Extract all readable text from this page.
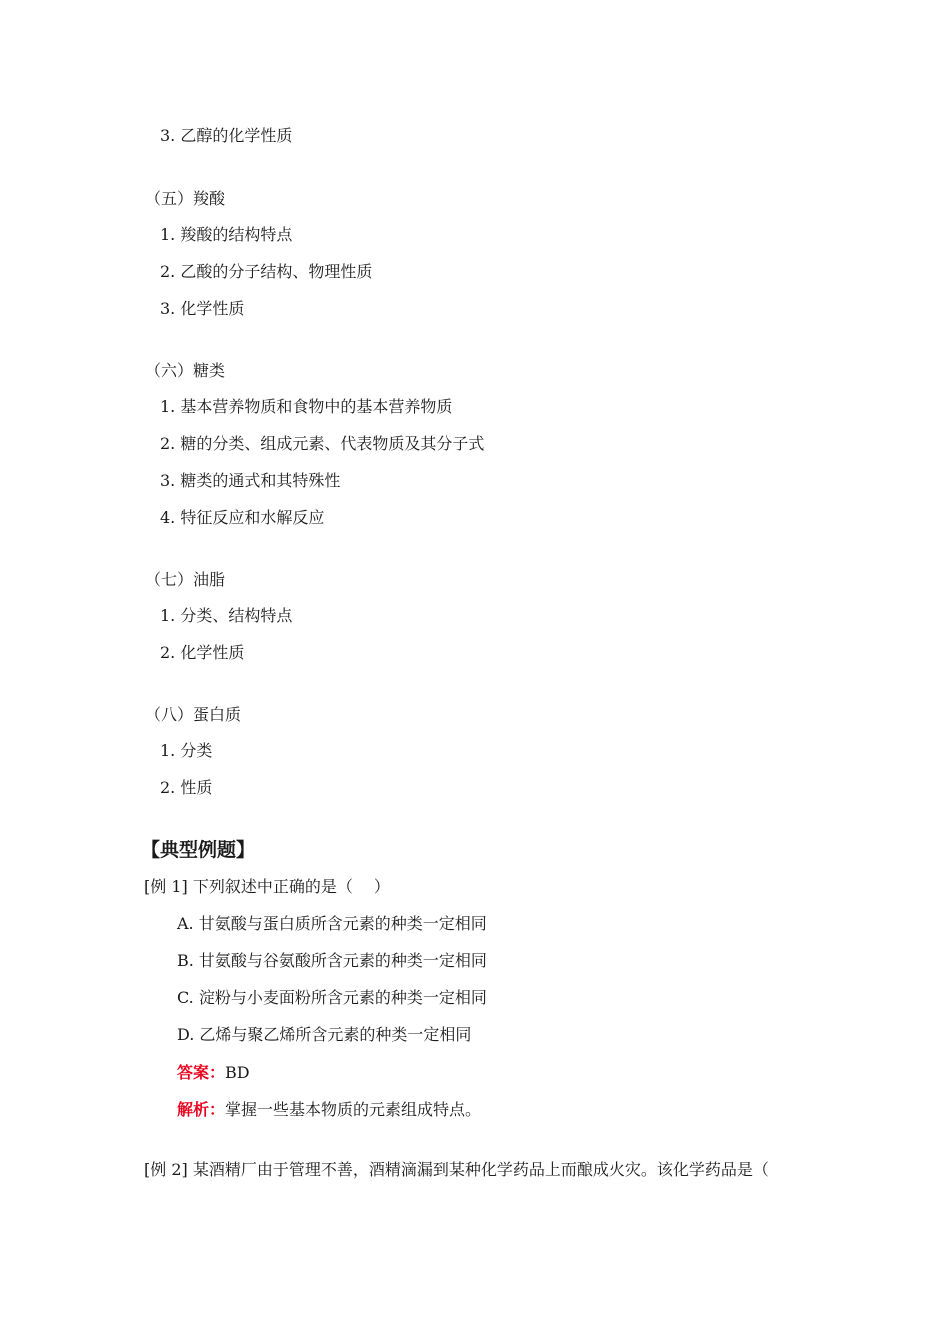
3. 乙醇的化学性质
（五）羧酸
1. 羧酸的结构特点
2. 乙酸的分子结构、物理性质
3. 化学性质
（六）糖类
1. 基本营养物质和食物中的基本营养物质
2. 糖的分类、组成元素、代表物质及其分子式
3. 糖类的通式和其特殊性
4. 特征反应和水解反应
（七）油脂
1. 分类、结构特点
2. 化学性质
（八）蛋白质
1. 分类
2. 性质
【典型例题】
[例 1] 下列叙述中正确的是（　 ）
A. 甘氨酸与蛋白质所含元素的种类一定相同
B. 甘氨酸与谷氨酸所含元素的种类一定相同
C. 淀粉与小麦面粉所含元素的种类一定相同
D. 乙烯与聚乙烯所含元素的种类一定相同
答案：BD
解析：掌握一些基本物质的元素组成特点。
[例 2] 某酒精厂由于管理不善，酒精滴漏到某种化学药品上而酿成火灾。该化学药品是（
